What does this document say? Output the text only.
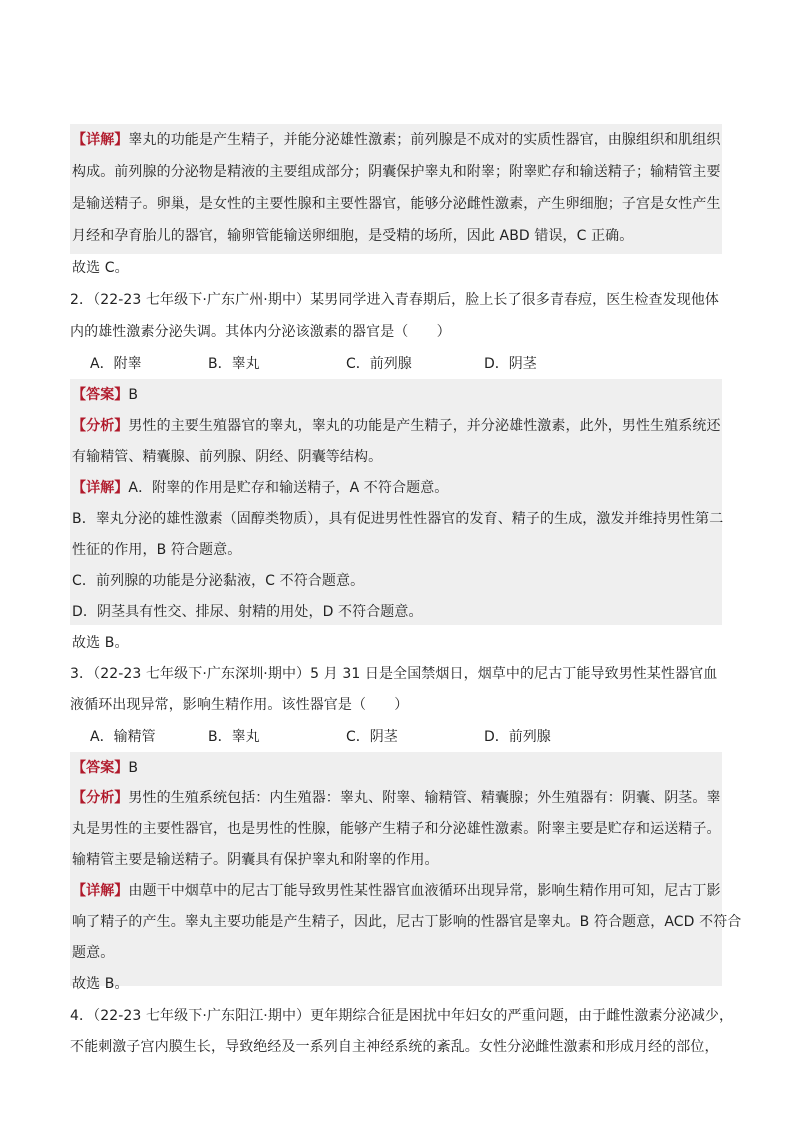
【详解】睾丸的功能是产生精子，并能分泌雄性激素；前列腺是不成对的实质性器官，由腺组织和肌组织
构成。前列腺的分泌物是精液的主要组成部分；阴囊保护睾丸和附睾；附睾贮存和输送精子；输精管主要
是输送精子。卵巢，是女性的主要性腺和主要性器官，能够分泌雌性激素，产生卵细胞；子宫是女性产生
月经和孕育胎儿的器官，输卵管能输送卵细胞，是受精的场所，因此 ABD 错误，C 正确。
故选 C。
2．（22-23 七年级下·广东广州·期中）某男同学进入青春期后，脸上长了很多青春痘，医生检查发现他体
内的雄性激素分泌失调。其体内分泌该激素的器官是（　　）
A．附睾	B．睾丸	C．前列腺	D．阴茎
【答案】B
【分析】男性的主要生殖器官的睾丸，睾丸的功能是产生精子，并分泌雄性激素，此外，男性生殖系统还
有输精管、精囊腺、前列腺、阴经、阴囊等结构。
【详解】A．附睾的作用是贮存和输送精子，A 不符合题意。
B．睾丸分泌的雄性激素（固醇类物质），具有促进男性性器官的发育、精子的生成，激发并维持男性第二
性征的作用，B 符合题意。
C．前列腺的功能是分泌黏液，C 不符合题意。
D．阴茎具有性交、排尿、射精的用处，D 不符合题意。
故选 B。
3．（22-23 七年级下·广东深圳·期中）5 月 31 日是全国禁烟日，烟草中的尼古丁能导致男性某性器官血
液循环出现异常，影响生精作用。该性器官是（　　）
A．输精管	B．睾丸	C．阴茎	D．前列腺
【答案】B
【分析】男性的生殖系统包括：内生殖器：睾丸、附睾、输精管、精囊腺；外生殖器有：阴囊、阴茎。睾
丸是男性的主要性器官，也是男性的性腺，能够产生精子和分泌雄性激素。附睾主要是贮存和运送精子。
输精管主要是输送精子。阴囊具有保护睾丸和附睾的作用。
【详解】由题干中烟草中的尼古丁能导致男性某性器官血液循环出现异常，影响生精作用可知，尼古丁影
响了精子的产生。睾丸主要功能是产生精子，因此，尼古丁影响的性器官是睾丸。B 符合题意，ACD 不符合
题意。
故选 B。
4．（22-23 七年级下·广东阳江·期中）更年期综合征是困扰中年妇女的严重问题，由于雌性激素分泌减少，
不能刺激子宫内膜生长，导致绝经及一系列自主神经系统的紊乱。女性分泌雌性激素和形成月经的部位，
